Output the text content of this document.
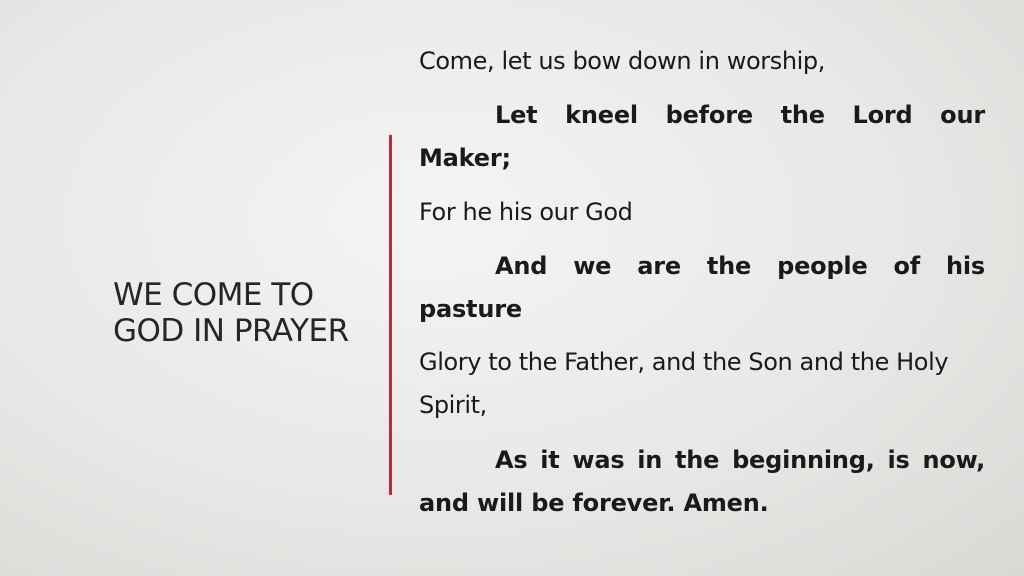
WE COME TO
GOD IN PRAYER
Come, let us bow down in worship,
Let kneel before the Lord our Maker;
For he his our God
And we are the people of his pasture
Glory to the Father, and the Son and the Holy Spirit,
As it was in the beginning, is now, and will be forever. Amen.
